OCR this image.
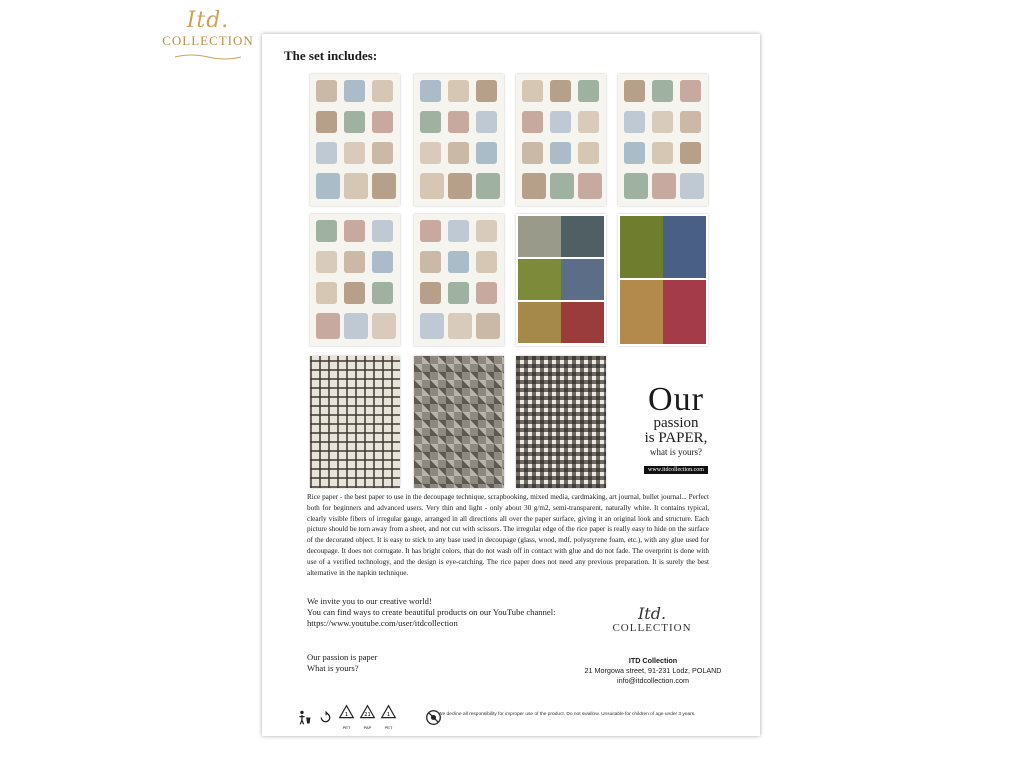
Itd.
COLLECTION
The set includes:
Our
passion
is PAPER,
what is yours?
www.itdcollection.com
Rice paper - the best paper to use in the decoupage technique, scrapbooking, mixed media, cardmaking, art journal, bullet journal... Perfect both for beginners and advanced users. Very thin and light - only about 30 g/m2, semi-transparent, naturally white. It contains typical, clearly visible fibers of irregular gauge, arranged in all directions all over the paper surface, giving it an original look and structure. Each picture should be torn away from a sheet, and not cut with scissors. The irregular edge of the rice paper is really easy to hide on the surface of the decorated object. It is easy to stick to any base used in decoupage (glass, wood, mdf, polystyrene foam, etc.), with any glue used for decoupage. It does not corrugate. It has bright colors, that do not wash off in contact with glue and do not fade. The overprint is done with use of a verified technology, and the design is eye-catching. The rice paper does not need any previous preparation. It is surely the best alternative in the napkin technique.
We invite you to our creative world!
You can find ways to create beautiful products on our YouTube channel:
https://www.youtube.com/user/itdcollection
Our passion is paper
What is yours?
Itd.
COLLECTION
ITD Collection
21 Morgowa street, 91-231 Lodz, POLAND
info@itdcollection.com
1
PET
21
PAP
1
PET
We decline all responsibility for improper use of the product. Do not swallow. Unsuitable for children of age under 3 years.
